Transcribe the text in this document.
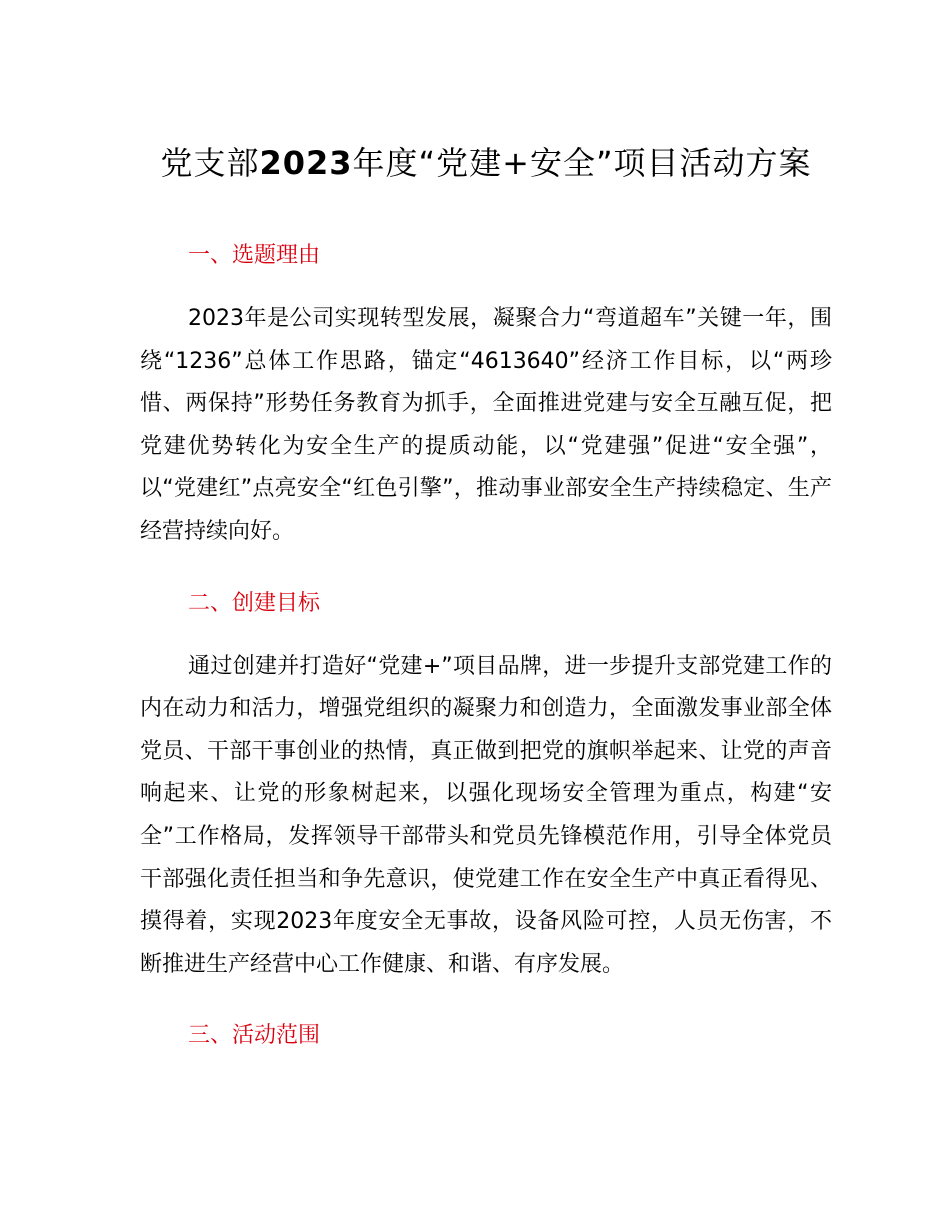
党支部2023年度“党建+安全”项目活动方案
一、选题理由

2023年是公司实现转型发展，凝聚合力“弯道超车”关键一年，围绕“1236”总体工作思路，锚定“4613640”经济工作目标，以“两珍惜、两保持”形势任务教育为抓手，全面推进党建与安全互融互促，把党建优势转化为安全生产的提质动能，以“党建强”促进“安全强”，以“党建红”点亮安全“红色引擎”，推动事业部安全生产持续稳定、生产经营持续向好。

二、创建目标

通过创建并打造好“党建+”项目品牌，进一步提升支部党建工作的内在动力和活力，增强党组织的凝聚力和创造力，全面激发事业部全体党员、干部干事创业的热情，真正做到把党的旗帜举起来、让党的声音响起来、让党的形象树起来，以强化现场安全管理为重点，构建“安全”工作格局，发挥领导干部带头和党员先锋模范作用，引导全体党员干部强化责任担当和争先意识，使党建工作在安全生产中真正看得见、摸得着，实现2023年度安全无事故，设备风险可控，人员无伤害，不断推进生产经营中心工作健康、和谐、有序发展。

三、活动范围
